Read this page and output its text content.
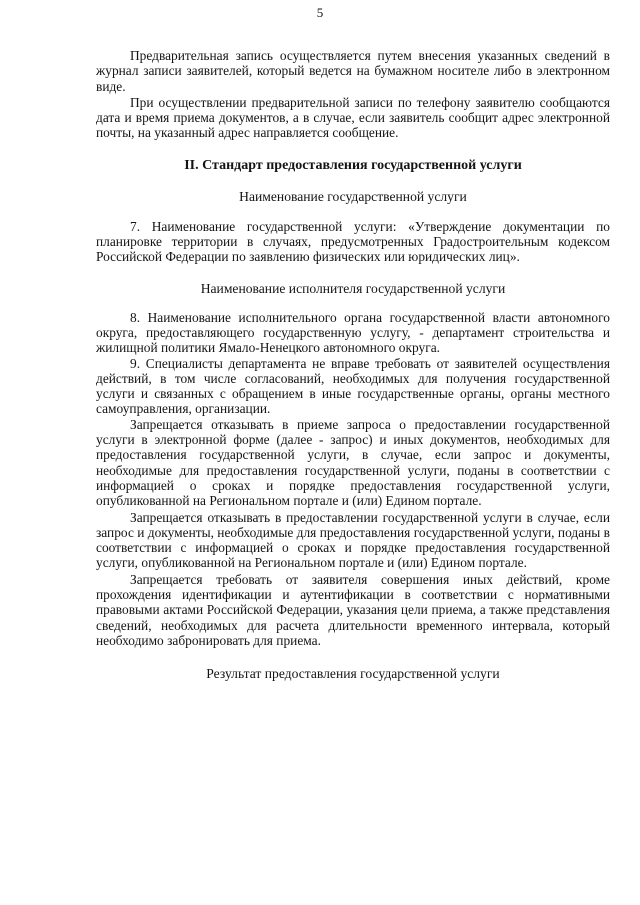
5

Предварительная запись осуществляется путем внесения указанных сведений в журнал записи заявителей, который ведется на бумажном носителе либо в электронном виде.

При осуществлении предварительной записи по телефону заявителю сообщаются дата и время приема документов, а в случае, если заявитель сообщит адрес электронной почты, на указанный адрес направляется сообщение.

II. Стандарт предоставления государственной услуги
Наименование государственной услуги

7. Наименование государственной услуги: «Утверждение документации по планировке территории в случаях, предусмотренных Градостроительным кодексом Российской Федерации по заявлению физических или юридических лиц».

Наименование исполнителя государственной услуги

8. Наименование исполнительного органа государственной власти автономного округа, предоставляющего государственную услугу, - департамент строительства и жилищной политики Ямало-Ненецкого автономного округа.

9. Специалисты департамента не вправе требовать от заявителей осуществления действий, в том числе согласований, необходимых для получения государственной услуги и связанных с обращением в иные государственные органы, органы местного самоуправления, организации.

Запрещается отказывать в приеме запроса о предоставлении государственной услуги в электронной форме (далее - запрос) и иных документов, необходимых для предоставления государственной услуги, в случае, если запрос и документы, необходимые для предоставления государственной услуги, поданы в соответствии с информацией о сроках и порядке предоставления государственной услуги, опубликованной на Региональном портале и (или) Едином портале.

Запрещается отказывать в предоставлении государственной услуги в случае, если запрос и документы, необходимые для предоставления государственной услуги, поданы в соответствии с информацией о сроках и порядке предоставления государственной услуги, опубликованной на Региональном портале и (или) Едином портале.

Запрещается требовать от заявителя совершения иных действий, кроме прохождения идентификации и аутентификации в соответствии с нормативными правовыми актами Российской Федерации, указания цели приема, а также представления сведений, необходимых для расчета длительности временного интервала, который необходимо забронировать для приема.

Результат предоставления государственной услуги
